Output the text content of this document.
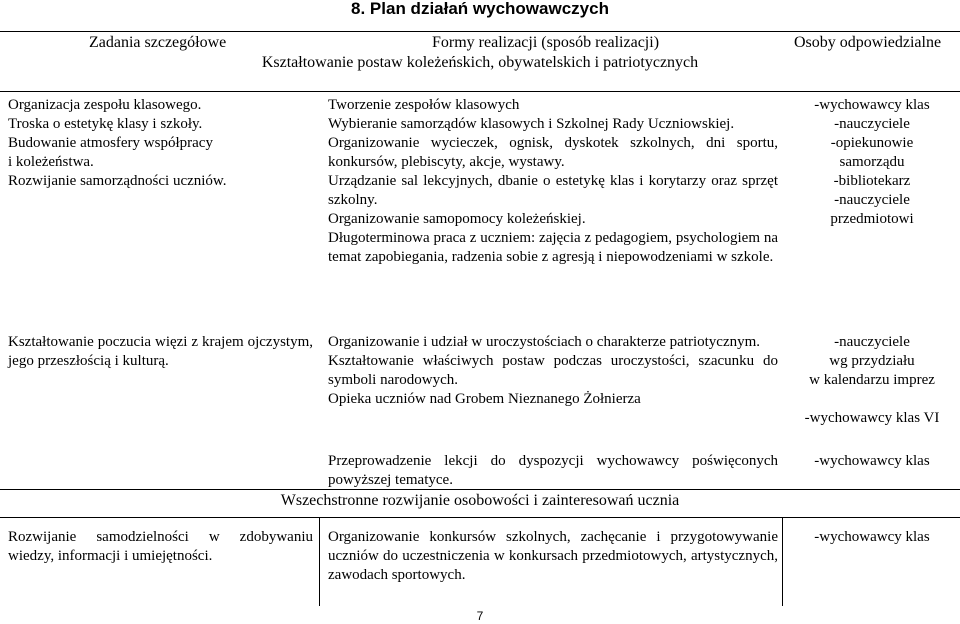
8. Plan działań wychowawczych
Zadania szczegółowe	Formy realizacji (sposób realizacji)	Osoby odpowiedzialne
Kształtowanie postaw koleżeńskich, obywatelskich i patriotycznych

Organizacja zespołu klasowego.

Troska o estetykę klasy i szkoły.

Budowanie atmosfery współpracy

i koleżeństwa.

Rozwijanie samorządności uczniów.

Tworzenie zespołów klasowych

Wybieranie samorządów klasowych i Szkolnej Rady Uczniowskiej.

Organizowanie wycieczek, ognisk, dyskotek szkolnych, dni sportu, konkursów, plebiscyty, akcje, wystawy.

Urządzanie sal lekcyjnych, dbanie o estetykę klas i korytarzy oraz sprzęt szkolny.

Organizowanie samopomocy koleżeńskiej.

Długoterminowa praca z uczniem: zajęcia z pedagogiem, psychologiem na temat zapobiegania, radzenia sobie z agresją i niepowodzeniami w szkole.

-wychowawcy klas

-nauczyciele

-opiekunowie

samorządu

-bibliotekarz

-nauczyciele

przedmiotowi

Kształtowanie poczucia więzi z krajem ojczystym, jego przeszłością i kulturą.

Organizowanie i udział w uroczystościach o charakterze patriotycznym.

Kształtowanie właściwych postaw podczas uroczystości, szacunku do symboli narodowych.

Opieka uczniów nad Grobem Nieznanego Żołnierza

-nauczyciele

wg przydziału

w kalendarzu imprez

-wychowawcy klas VI

Przeprowadzenie lekcji do dyspozycji wychowawcy poświęconych powyższej tematyce.

-wychowawcy klas

Wszechstronne rozwijanie osobowości i zainteresowań ucznia

Rozwijanie samodzielności w zdobywaniu wiedzy, informacji i umiejętności.

Organizowanie konkursów szkolnych, zachęcanie i przygotowywanie uczniów do uczestniczenia w konkursach przedmiotowych, artystycznych, zawodach sportowych.

-wychowawcy klas

7
